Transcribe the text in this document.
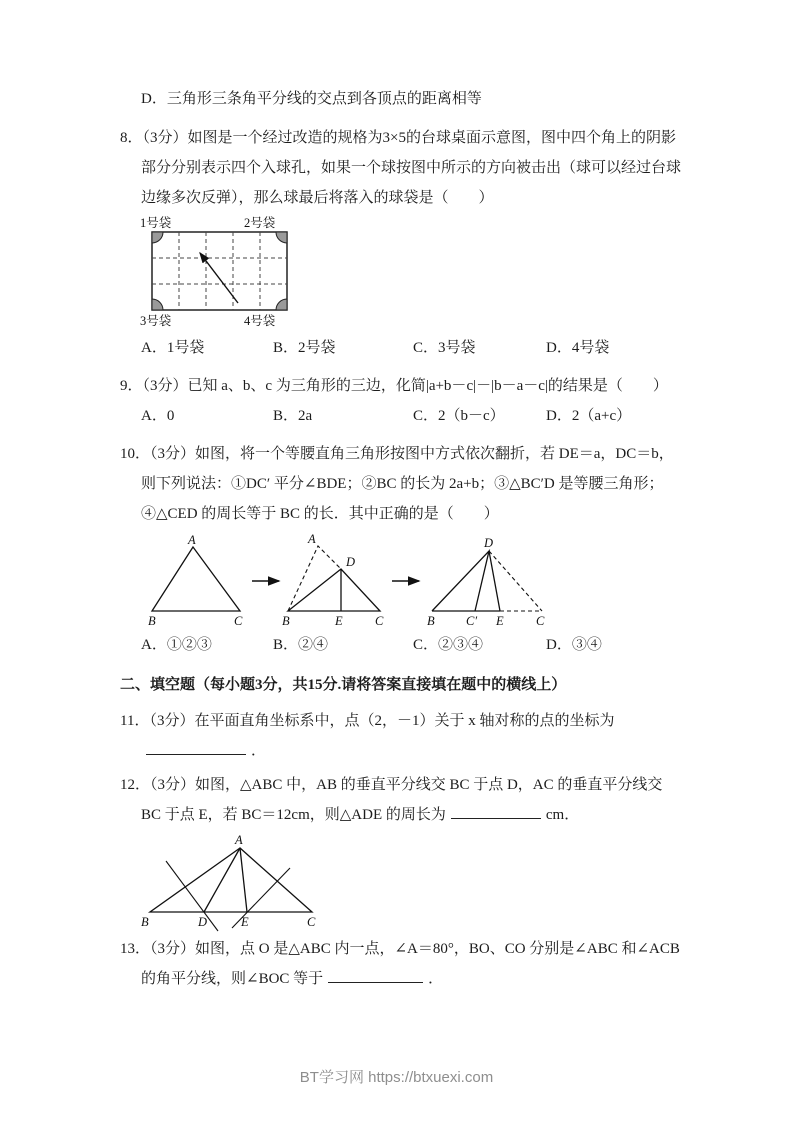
D．三角形三条角平分线的交点到各顶点的距离相等

8．（3分）如图是一个经过改造的规格为3×5的台球桌面示意图，图中四个角上的阴影部分分别表示四个入球孔，如果一个球按图中所示的方向被击出（球可以经过台球边缘多次反弹），那么球最后将落入的球袋是（　　）

1号袋	2号袋
3号袋	4号袋
A．1号袋	B．2号袋	C．3号袋	D．4号袋

9．（3分）已知 a、b、c 为三角形的三边，化简|a+b－c|－|b－a－c|的结果是（　　）

A．0	B．2a	C．2（b－c）	D．2（a+c）

10．（3分）如图，将一个等腰直角三角形按图中方式依次翻折，若 DE＝a，DC＝b，则下列说法：①DC′ 平分∠BDE；②BC 的长为 2a+b；③△BC′D 是等腰三角形；④△CED 的周长等于 BC 的长．其中正确的是（　　）

A
B	C
A
D
B	E	C
D
B	C′ E	C
A．①②③	B．②④	C．②③④	D．③④

二、填空题（每小题3分，共15分.请将答案直接填在题中的横线上）

11．（3分）在平面直角坐标系中，点（2，－1）关于 x 轴对称的点的坐标为．

12．（3分）如图，△ABC 中，AB 的垂直平分线交 BC 于点 D，AC 的垂直平分线交 BC 于点 E，若 BC＝12cm，则△ADE 的周长为	cm．

A
B	D	E	C

13．（3分）如图，点 O 是△ABC 内一点，∠A＝80°，BO、CO 分别是∠ABC 和∠ACB 的角平分线，则∠BOC 等于	．

BT学习网 https://btxuexi.com
